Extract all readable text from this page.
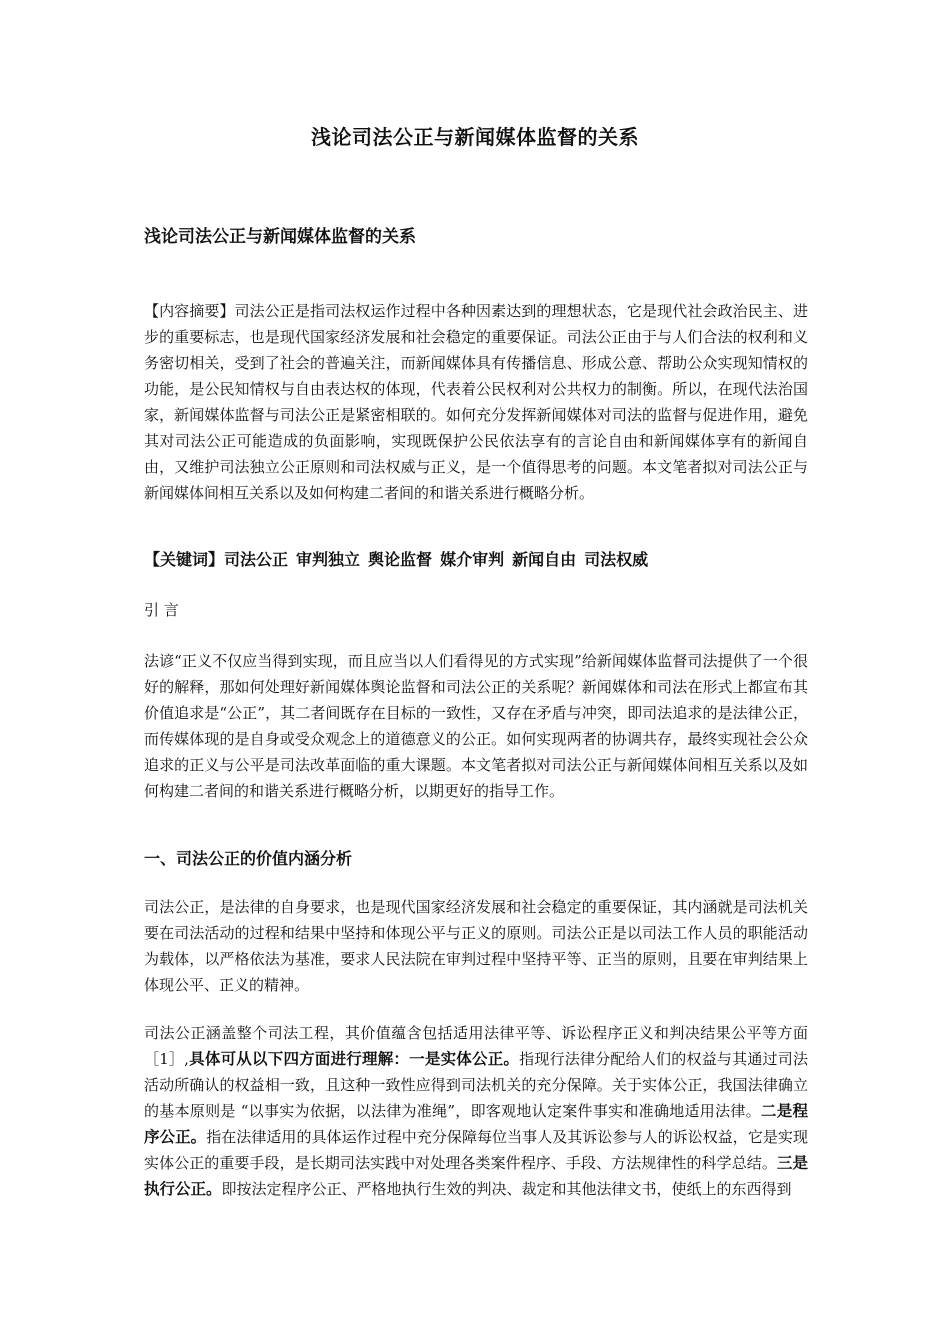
浅论司法公正与新闻媒体监督的关系
浅论司法公正与新闻媒体监督的关系

【内容摘要】司法公正是指司法权运作过程中各种因素达到的理想状态，它是现代社会政治民主、进步的重要标志，也是现代国家经济发展和社会稳定的重要保证。司法公正由于与人们合法的权利和义务密切相关，受到了社会的普遍关注，而新闻媒体具有传播信息、形成公意、帮助公众实现知情权的功能，是公民知情权与自由表达权的体现，代表着公民权利对公共权力的制衡。所以，在现代法治国家，新闻媒体监督与司法公正是紧密相联的。如何充分发挥新闻媒体对司法的监督与促进作用，避免其对司法公正可能造成的负面影响，实现既保护公民依法享有的言论自由和新闻媒体享有的新闻自由，又维护司法独立公正原则和司法权威与正义，是一个值得思考的问题。本文笔者拟对司法公正与新闻媒体间相互关系以及如何构建二者间的和谐关系进行概略分析。

【关键词】司法公正 审判独立 舆论监督 媒介审判 新闻自由 司法权威
引 言

法谚“正义不仅应当得到实现，而且应当以人们看得见的方式实现”给新闻媒体监督司法提供了一个很好的解释，那如何处理好新闻媒体舆论监督和司法公正的关系呢？新闻媒体和司法在形式上都宣布其价值追求是“公正”，其二者间既存在目标的一致性，又存在矛盾与冲突，即司法追求的是法律公正，而传媒体现的是自身或受众观念上的道德意义的公正。如何实现两者的协调共存，最终实现社会公众追求的正义与公平是司法改革面临的重大课题。本文笔者拟对司法公正与新闻媒体间相互关系以及如何构建二者间的和谐关系进行概略分析，以期更好的指导工作。

一、司法公正的价值内涵分析

司法公正，是法律的自身要求，也是现代国家经济发展和社会稳定的重要保证，其内涵就是司法机关要在司法活动的过程和结果中坚持和体现公平与正义的原则。司法公正是以司法工作人员的职能活动为载体，以严格依法为基准，要求人民法院在审判过程中坚持平等、正当的原则，且要在审判结果上体现公平、正义的精神。

司法公正涵盖整个司法工程，其价值蕴含包括适用法律平等、诉讼程序正义和判决结果公平等方面［1］,具体可从以下四方面进行理解：一是实体公正。指现行法律分配给人们的权益与其通过司法活动所确认的权益相一致，且这种一致性应得到司法机关的充分保障。关于实体公正，我国法律确立的基本原则是 “以事实为依据，以法律为准绳”，即客观地认定案件事实和准确地适用法律。二是程序公正。指在法律适用的具体运作过程中充分保障每位当事人及其诉讼参与人的诉讼权益，它是实现实体公正的重要手段，是长期司法实践中对处理各类案件程序、手段、方法规律性的科学总结。三是执行公正。即按法定程序公正、严格地执行生效的判决、裁定和其他法律文书，使纸上的东西得到
